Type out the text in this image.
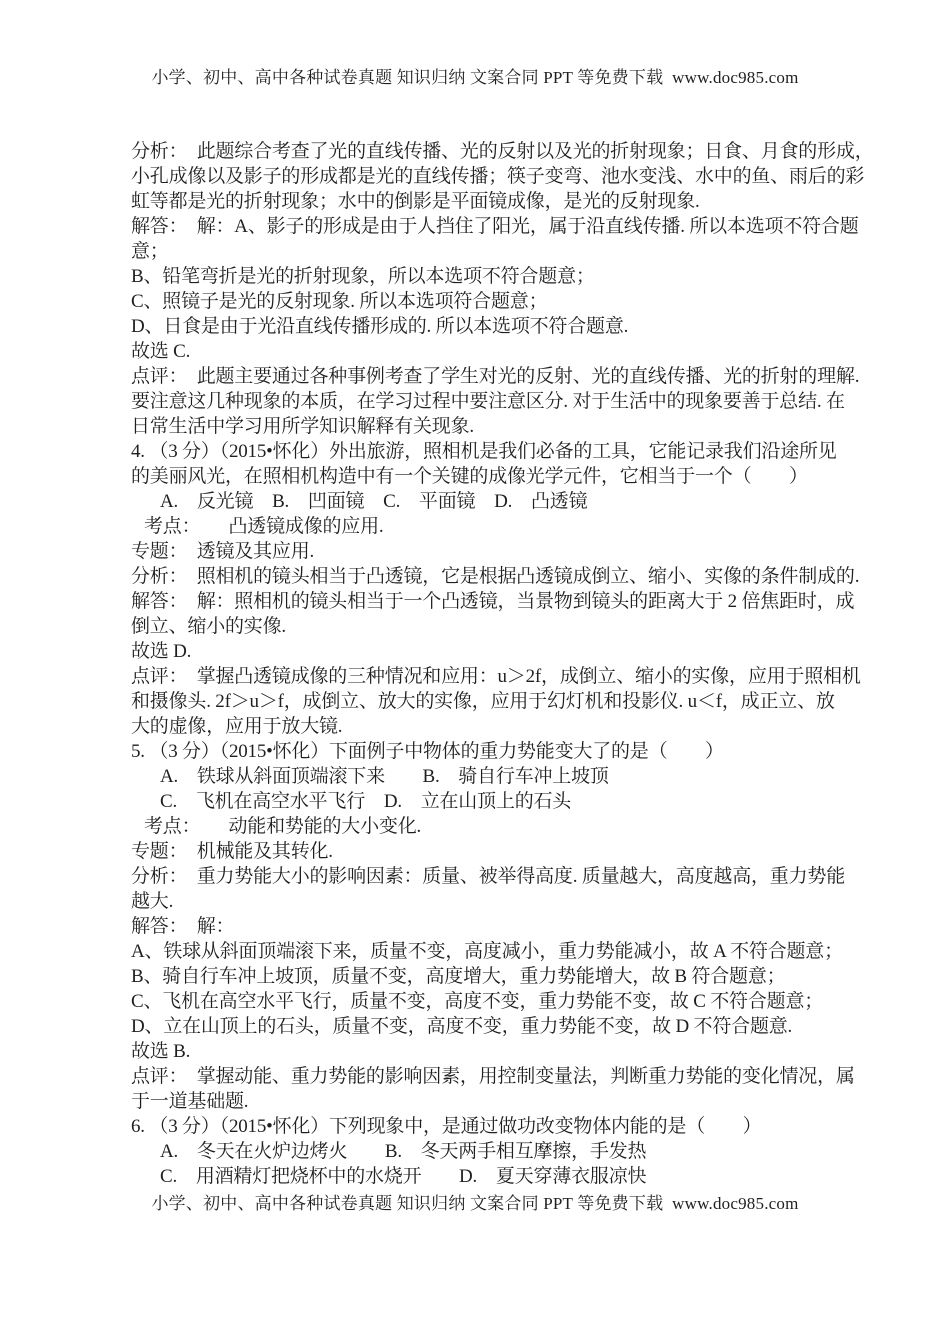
小学、初中、高中各种试卷真题 知识归纳 文案合同 PPT 等免费下载  www.doc985.com
分析：　此题综合考查了光的直线传播、光的反射以及光的折射现象；日食、月食的形成，
小孔成像以及影子的形成都是光的直线传播；筷子变弯、池水变浅、水中的鱼、雨后的彩
虹等都是光的折射现象；水中的倒影是平面镜成像，是光的反射现象.
解答：　解：A、影子的形成是由于人挡住了阳光，属于沿直线传播. 所以本选项不符合题
意；
B、铅笔弯折是光的折射现象，所以本选项不符合题意；
C、照镜子是光的反射现象. 所以本选项符合题意；
D、日食是由于光沿直线传播形成的. 所以本选项不符合题意.
故选 C.
点评：　此题主要通过各种事例考查了学生对光的反射、光的直线传播、光的折射的理解.
要注意这几种现象的本质，在学习过程中要注意区分. 对于生活中的现象要善于总结. 在
日常生活中学习用所学知识解释有关现象.
4. （3 分）（2015•怀化）外出旅游，照相机是我们必备的工具，它能记录我们沿途所见
的美丽风光，在照相机构造中有一个关键的成像光学元件，它相当于一个（　　）
A.　反光镜　B.　凹面镜　C.　平面镜　D.　凸透镜
考点：　　凸透镜成像的应用.
专题：　透镜及其应用.
分析：　照相机的镜头相当于凸透镜，它是根据凸透镜成倒立、缩小、实像的条件制成的.
解答：　解：照相机的镜头相当于一个凸透镜，当景物到镜头的距离大于 2 倍焦距时，成
倒立、缩小的实像.
故选 D.
点评：　掌握凸透镜成像的三种情况和应用：u＞2f，成倒立、缩小的实像，应用于照相机
和摄像头. 2f＞u＞f，成倒立、放大的实像，应用于幻灯机和投影仪. u＜f，成正立、放
大的虚像，应用于放大镜.
5. （3 分）（2015•怀化）下面例子中物体的重力势能变大了的是（　　）
A.　铁球从斜面顶端滚下来　　B.　骑自行车冲上坡顶
C.　飞机在高空水平飞行　D.　立在山顶上的石头
考点：　　动能和势能的大小变化.
专题：　机械能及其转化.
分析：　重力势能大小的影响因素：质量、被举得高度. 质量越大，高度越高，重力势能
越大.
解答：　解：
A、铁球从斜面顶端滚下来，质量不变，高度减小，重力势能减小，故 A 不符合题意；
B、骑自行车冲上坡顶，质量不变，高度增大，重力势能增大，故 B 符合题意；
C、飞机在高空水平飞行，质量不变，高度不变，重力势能不变，故 C 不符合题意；
D、立在山顶上的石头，质量不变，高度不变，重力势能不变，故 D 不符合题意.
故选 B.
点评：　掌握动能、重力势能的影响因素，用控制变量法，判断重力势能的变化情况，属
于一道基础题.
6. （3 分）（2015•怀化）下列现象中，是通过做功改变物体内能的是（　　）
A.　冬天在火炉边烤火　　B.　冬天两手相互摩擦，手发热
C.　用酒精灯把烧杯中的水烧开　　D.　夏天穿薄衣服凉快
小学、初中、高中各种试卷真题 知识归纳 文案合同 PPT 等免费下载  www.doc985.com
